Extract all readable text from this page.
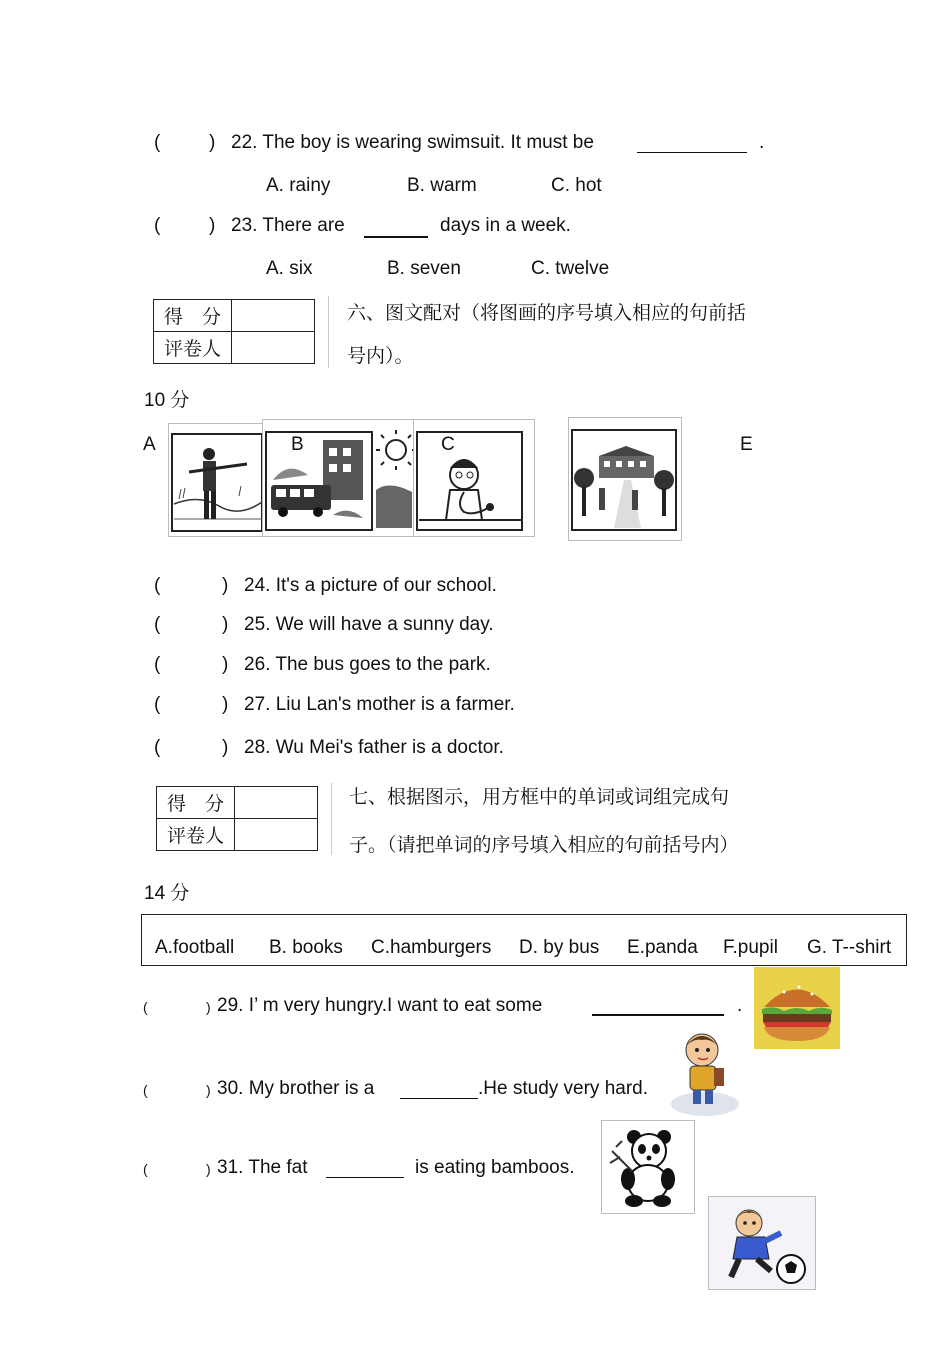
(	) 22. The boy is wearing swimsuit. It must be	.
A. rainy	B. warm	C. hot
(	) 23. There are	days in a week.
A. six	B. seven	C. twelve
得　分	
评卷人	
六、图文配对（将图画的序号填入相应的句前括
号内）。
10 分
A	E
B	C
(	) 24. It's a picture of our school.
(	) 25. We will have a sunny day.
(	) 26. The bus goes to the park.
(	) 27. Liu Lan's mother is a farmer.
(	) 28. Wu Mei's father is a doctor.
得　分	
评卷人	
七、根据图示，用方框中的单词或词组完成句
子。（请把单词的序号填入相应的句前括号内）
14 分
A.football B. books C.hamburgers D. by bus E.panda F.pupil G. T--shirt
(	) 29. I’ m very hungry.I want to eat some	.
(	) 30. My brother is a	.He study very hard.
(	) 31. The fat	is eating bamboos.
